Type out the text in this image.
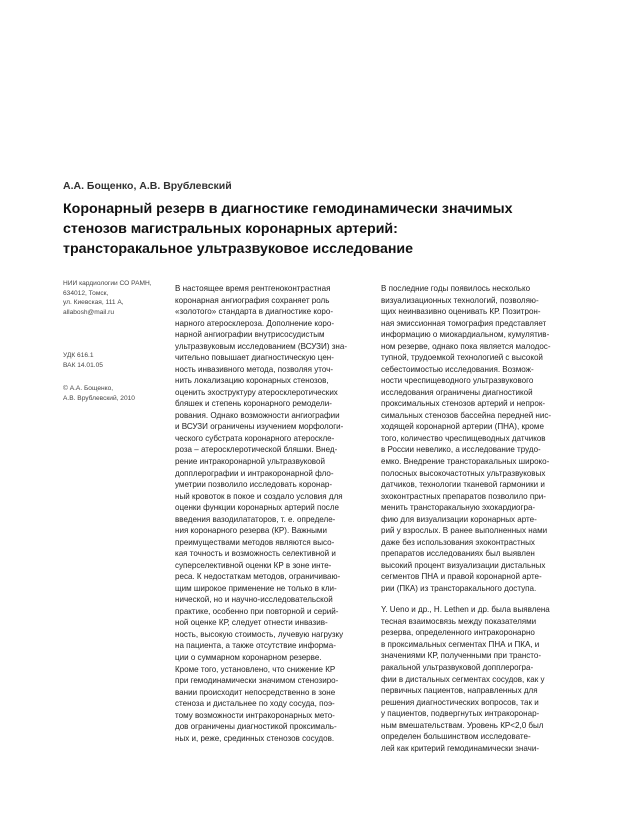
А.А. Бощенко, А.В. Врублевский
Коронарный резерв в диагностике гемодинамически значимых
стенозов магистральных коронарных артерий:
трансторакальное ультразвуковое исследование
НИИ кардиологии СО РАМН,
634012, Томск,
ул. Киевская, 111 А,
allabosh@mail.ru
УДК 616.1
ВАК 14.01.05
© А.А. Бощенко,
А.В. Врублевский, 2010
В настоящее время рентгеноконтрастная
коронарная ангиография сохраняет роль
«золотого» стандарта в диагностике коро-
нарного атеросклероза. Дополнение коро-
нарной ангиографии внутрисосудистым
ультразвуковым исследованием (ВСУЗИ) зна-
чительно повышает диагностическую цен-
ность инвазивного метода, позволяя уточ-
нить локализацию коронарных стенозов,
оценить эхоструктуру атеросклеротических
бляшек и степень коронарного ремодели-
рования. Однако возможности ангиографии
и ВСУЗИ ограничены изучением морфологи-
ческого субстрата коронарного атероскле-
роза – атеросклеротической бляшки. Внед-
рение интракоронарной ультразвуковой
допплерографии и интракоронарной фло-
уметрии позволило исследовать коронар-
ный кровоток в покое и создало условия для
оценки функции коронарных артерий после
введения вазодилататоров, т. е. определе-
ния коронарного резерва (КР). Важными
преимуществами методов являются высо-
кая точность и возможность селективной и
суперселективной оценки КР в зоне инте-
реса. К недостаткам методов, ограничиваю-
щим широкое применение не только в кли-
нической, но и научно-исследовательской
практике, особенно при повторной и серий-
ной оценке КР, следует отнести инвазив-
ность, высокую стоимость, лучевую нагрузку
на пациента, а также отсутствие информа-
ции о суммарном коронарном резерве.
Кроме того, установлено, что снижение КР
при гемодинамически значимом стенозиро-
вании происходит непосредственно в зоне
стеноза и дистальнее по ходу сосуда, поэ-
тому возможности интракоронарных мето-
дов ограничены диагностикой проксималь-
ных и, реже, срединных стенозов сосудов.
В последние годы появилось несколько
визуализационных технологий, позволяю-
щих неинвазивно оценивать КР. Позитрон-
ная эмиссионная томография представляет
информацию о миокардиальном, кумулятив-
ном резерве, однако пока является малодос-
тупной, трудоемкой технологией с высокой
себестоимостью исследования. Возмож-
ности чреспищеводного ультразвукового
исследования ограничены диагностикой
проксимальных стенозов артерий и непрок-
симальных стенозов бассейна передней нис-
ходящей коронарной артерии (ПНА), кроме
того, количество чреспищеводных датчиков
в России невелико, а исследование трудо-
емко. Внедрение трансторакальных широко-
полосных высокочастотных ультразвуковых
датчиков, технологии тканевой гармоники и
эхоконтрастных препаратов позволило при-
менить трансторакальную эхокардиогра-
фию для визуализации коронарных арте-
рий у взрослых. В ранее выполненных нами
даже без использования эхоконтрастных
препаратов исследованиях был выявлен
высокий процент визуализации дистальных
сегментов ПНА и правой коронарной арте-
рии (ПКА) из трансторакального доступа.
Y. Ueno и др., H. Lethen и др. была выявлена
тесная взаимосвязь между показателями
резерва, определенного интракоронарно
в проксимальных сегментах ПНА и ПКА, и
значениями КР, полученными при трансто-
ракальной ультразвуковой допплерогра-
фии в дистальных сегментах сосудов, как у
первичных пациентов, направленных для
решения диагностических вопросов, так и
у пациентов, подвергнутых интракоронар-
ным вмешательствам. Уровень КР<2,0 был
определен большинством исследовате-
лей как критерий гемодинамически значи-
